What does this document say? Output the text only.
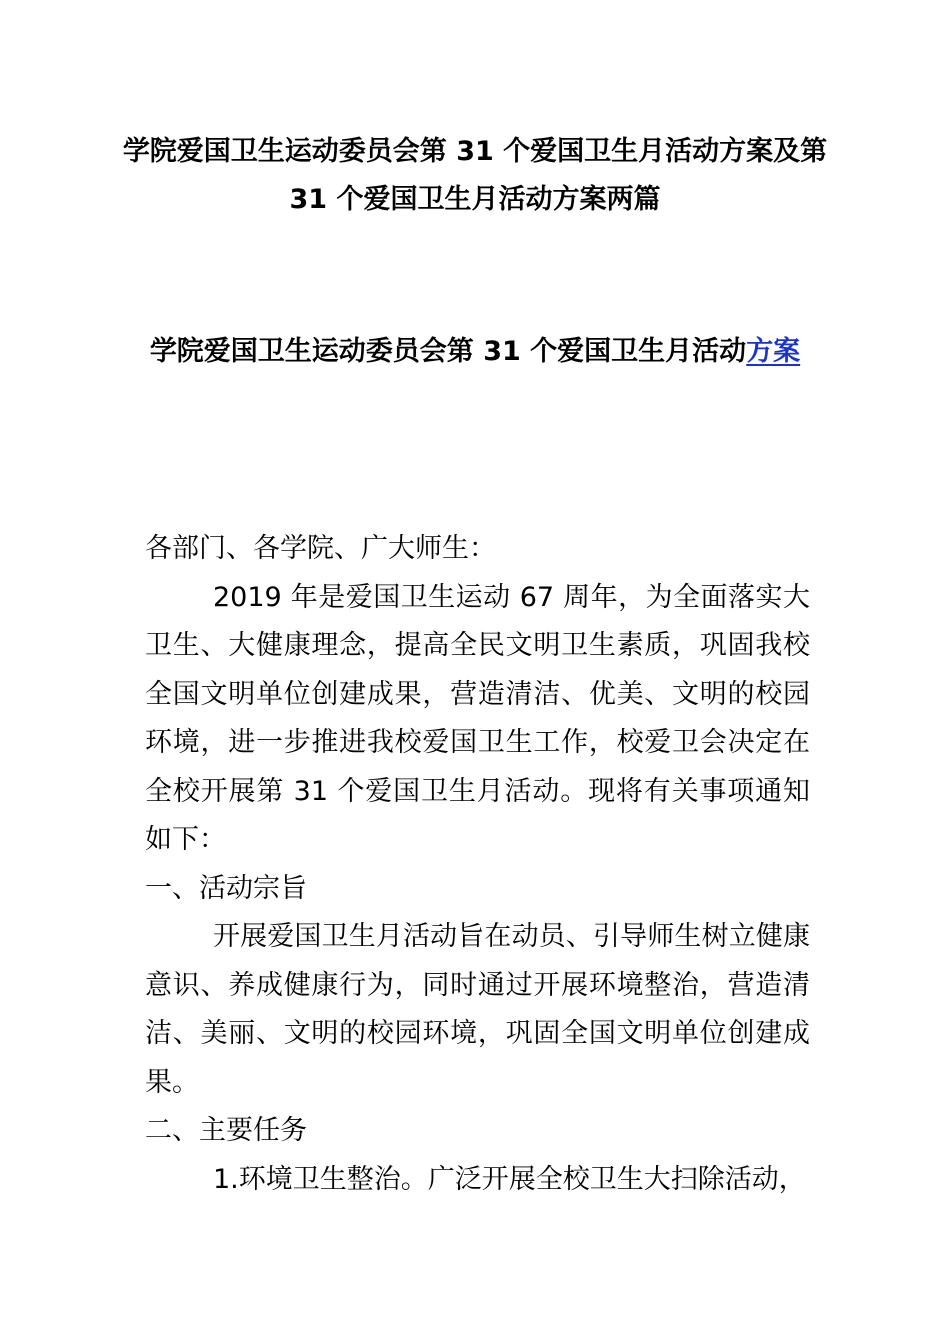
学院爱国卫生运动委员会第 31 个爱国卫生月活动方案及第 31 个爱国卫生月活动方案两篇
学院爱国卫生运动委员会第 31 个爱国卫生月活动方案

各部门、各学院、广大师生：

2019 年是爱国卫生运动 67 周年，为全面落实大卫生、大健康理念，提高全民文明卫生素质，巩固我校全国文明单位创建成果，营造清洁、优美、文明的校园环境，进一步推进我校爱国卫生工作，校爱卫会决定在全校开展第 31 个爱国卫生月活动。现将有关事项通知如下：

一、活动宗旨

开展爱国卫生月活动旨在动员、引导师生树立健康意识、养成健康行为，同时通过开展环境整治，营造清洁、美丽、文明的校园环境，巩固全国文明单位创建成果。

二、主要任务

1.环境卫生整治。广泛开展全校卫生大扫除活动，
